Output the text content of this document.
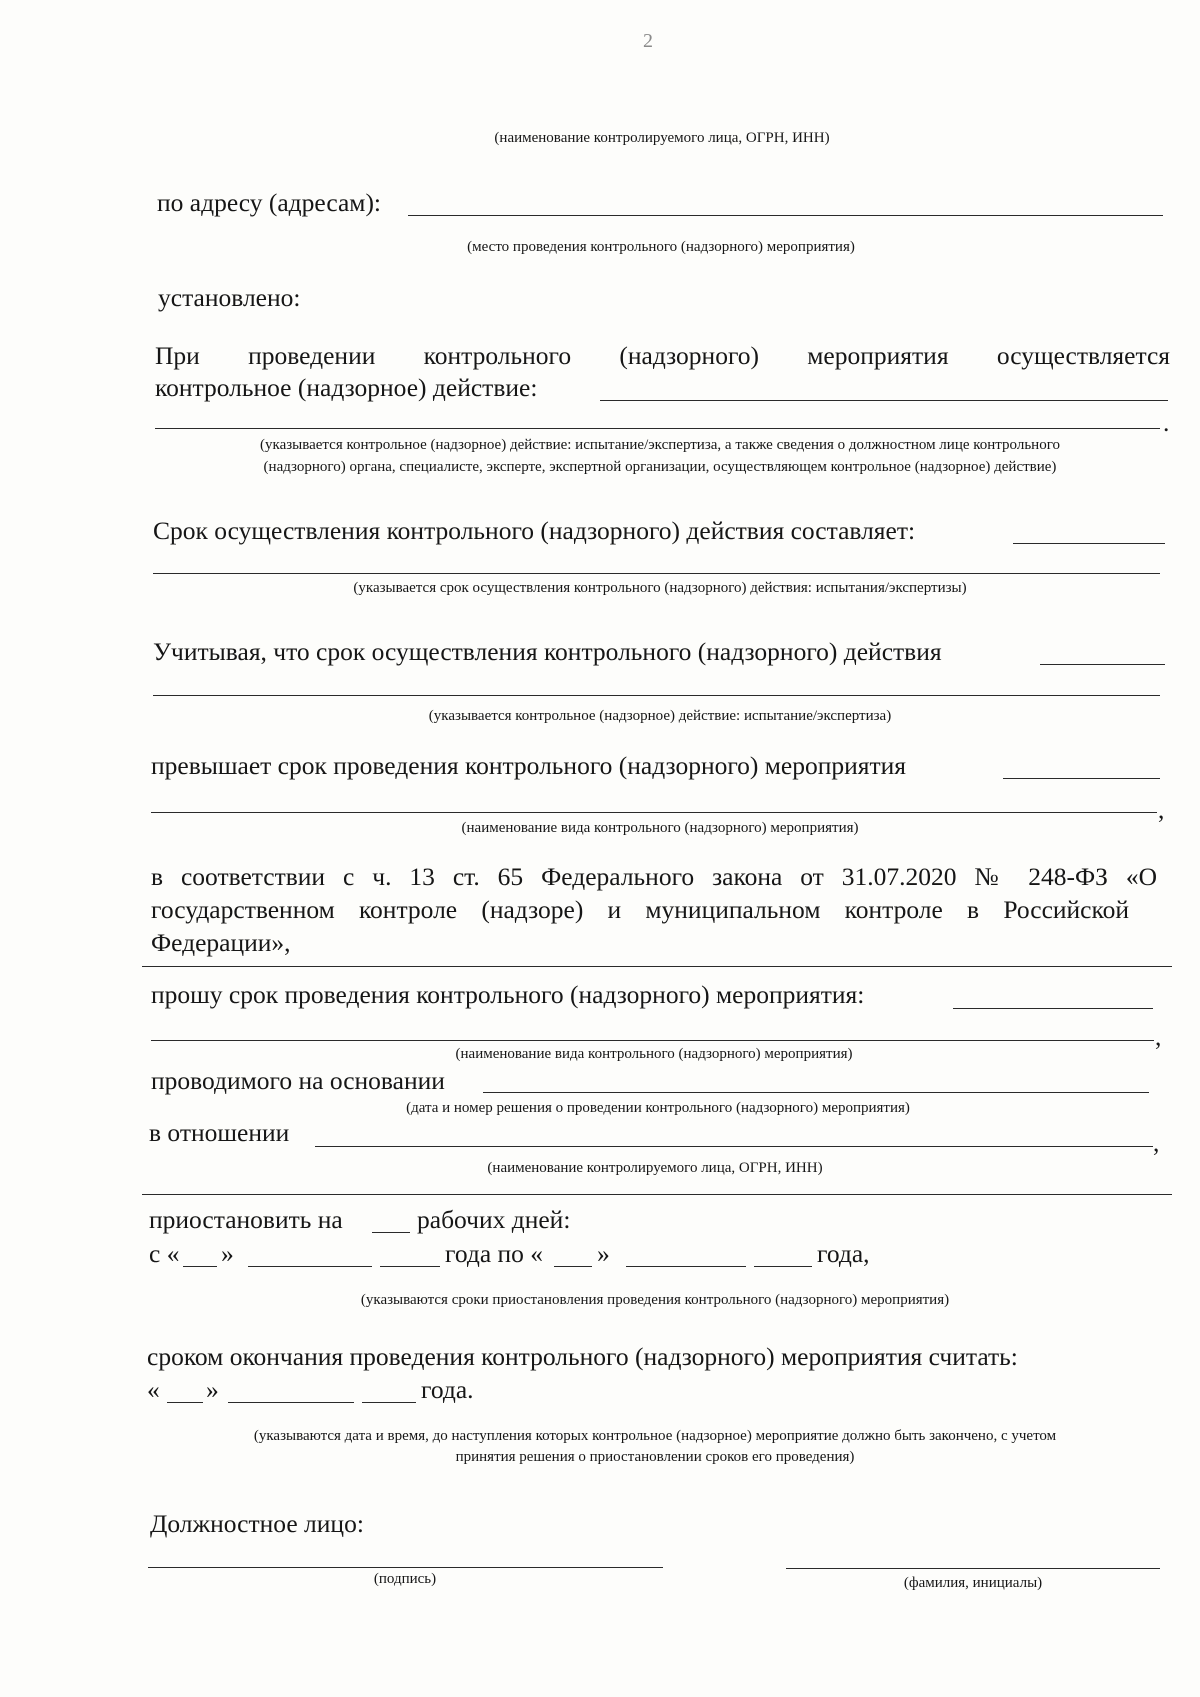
2
(наименование контролируемого лица, ОГРН, ИНН)
по адресу (адресам):
(место проведения контрольного (надзорного) мероприятия)
установлено:
При проведении контрольного (надзорного) мероприятия осуществляется
контрольное (надзорное) действие:
.
(указывается контрольное (надзорное) действие: испытание/экспертиза, а также сведения о должностном лице контрольного
(надзорного) органа, специалисте, эксперте, экспертной организации, осуществляющем контрольное (надзорное) действие)
Срок осуществления контрольного (надзорного) действия составляет:
(указывается срок осуществления контрольного (надзорного) действия: испытания/экспертизы)
Учитывая, что срок осуществления контрольного (надзорного) действия
(указывается контрольное (надзорное) действие: испытание/экспертиза)
превышает срок проведения контрольного (надзорного) мероприятия
,
(наименование вида контрольного (надзорного) мероприятия)
в соответствии с ч. 13 ст. 65 Федерального закона от 31.07.2020 № 248-ФЗ «О
государственном контроле (надзоре) и муниципальном контроле в Российской
Федерации»,
прошу срок проведения контрольного (надзорного) мероприятия:
,
(наименование вида контрольного (надзорного) мероприятия)
проводимого на основании
(дата и номер решения о проведении контрольного (надзорного) мероприятия)
в отношении	,
(наименование контролируемого лица, ОГРН, ИНН)
приостановить на	рабочих дней:
с « »	года по « »	года,
(указываются сроки приостановления проведения контрольного (надзорного) мероприятия)
сроком окончания проведения контрольного (надзорного) мероприятия считать:
« »	года.
(указываются дата и время, до наступления которых контрольное (надзорное) мероприятие должно быть закончено, с учетом
принятия решения о приостановлении сроков его проведения)
Должностное лицо:
(подпись)	(фамилия, инициалы)
